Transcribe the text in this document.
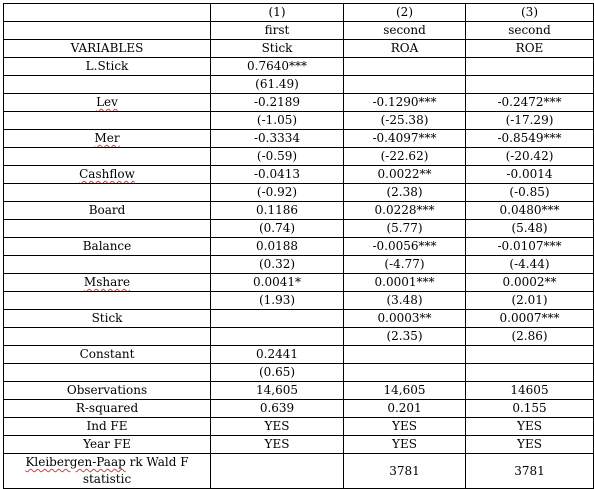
	(1)	(2)	(3)
	first	second	second
VARIABLES	Stick	ROA	ROE
L.Stick	0.7640***		
	(61.49)		
Lev	-0.2189	-0.1290***	-0.2472***
	(-1.05)	(-25.38)	(-17.29)
Mer	-0.3334	-0.4097***	-0.8549***
	(-0.59)	(-22.62)	(-20.42)
Cashflow	-0.0413	0.0022**	-0.0014
	(-0.92)	(2.38)	(-0.85)
Board	0.1186	0.0228***	0.0480***
	(0.74)	(5.77)	(5.48)
Balance	0.0188	-0.0056***	-0.0107***
	(0.32)	(-4.77)	(-4.44)
Mshare	0.0041*	0.0001***	0.0002**
	(1.93)	(3.48)	(2.01)
Stick		0.0003**	0.0007***
		(2.35)	(2.86)
Constant	0.2441		
	(0.65)		
Observations	14,605	14,605	14605
R-squared	0.639	0.201	0.155
Ind FE	YES	YES	YES
Year FE	YES	YES	YES
Kleibergen-Paap rk Wald F statistic		3781	3781
